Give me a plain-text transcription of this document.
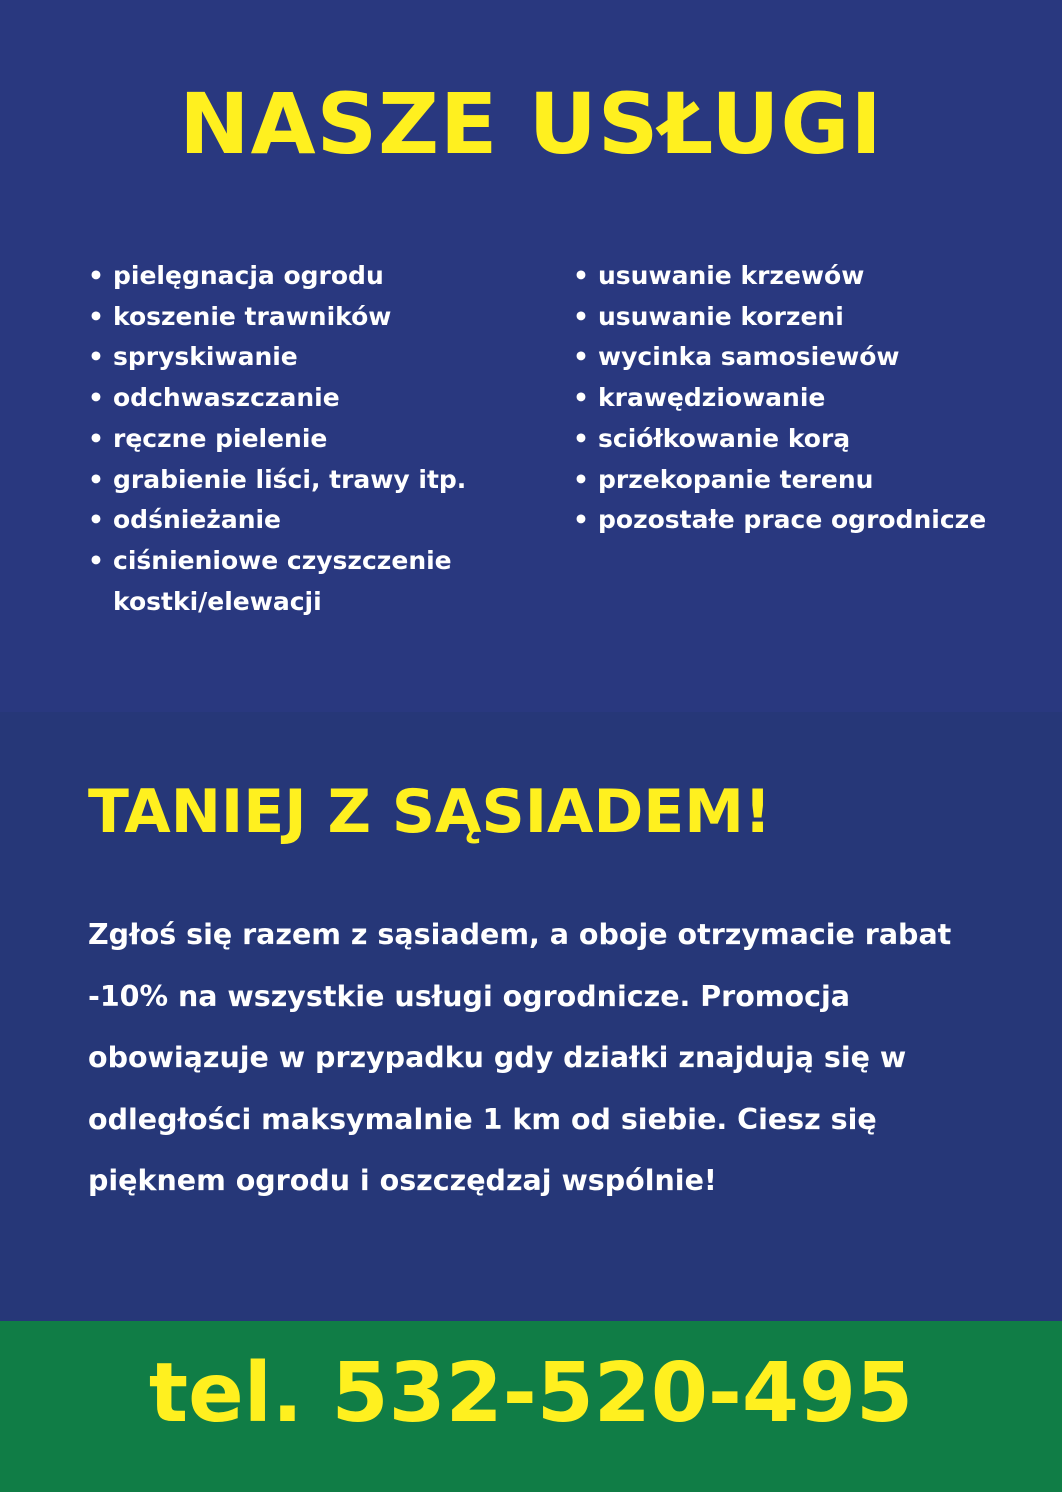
NASZE USŁUGI
• pielęgnacja ogrodu
• koszenie trawników
• spryskiwanie
• odchwaszczanie
• ręczne pielenie
• grabienie liści, trawy itp.
• odśnieżanie
• ciśnieniowe czyszczenie kostki/elewacji
• usuwanie krzewów
• usuwanie korzeni
• wycinka samosiewów
• krawędziowanie
• sciółkowanie korą
• przekopanie terenu
• pozostałe prace ogrodnicze
TANIEJ Z SĄSIADEM!

Zgłoś się razem z sąsiadem, a oboje otrzymacie rabat -10% na wszystkie usługi ogrodnicze. Promocja obowiązuje w przypadku gdy działki znajdują się w odległości maksymalnie 1 km od siebie. Ciesz się pięknem ogrodu i oszczędzaj wspólnie!

tel. 532-520-495
